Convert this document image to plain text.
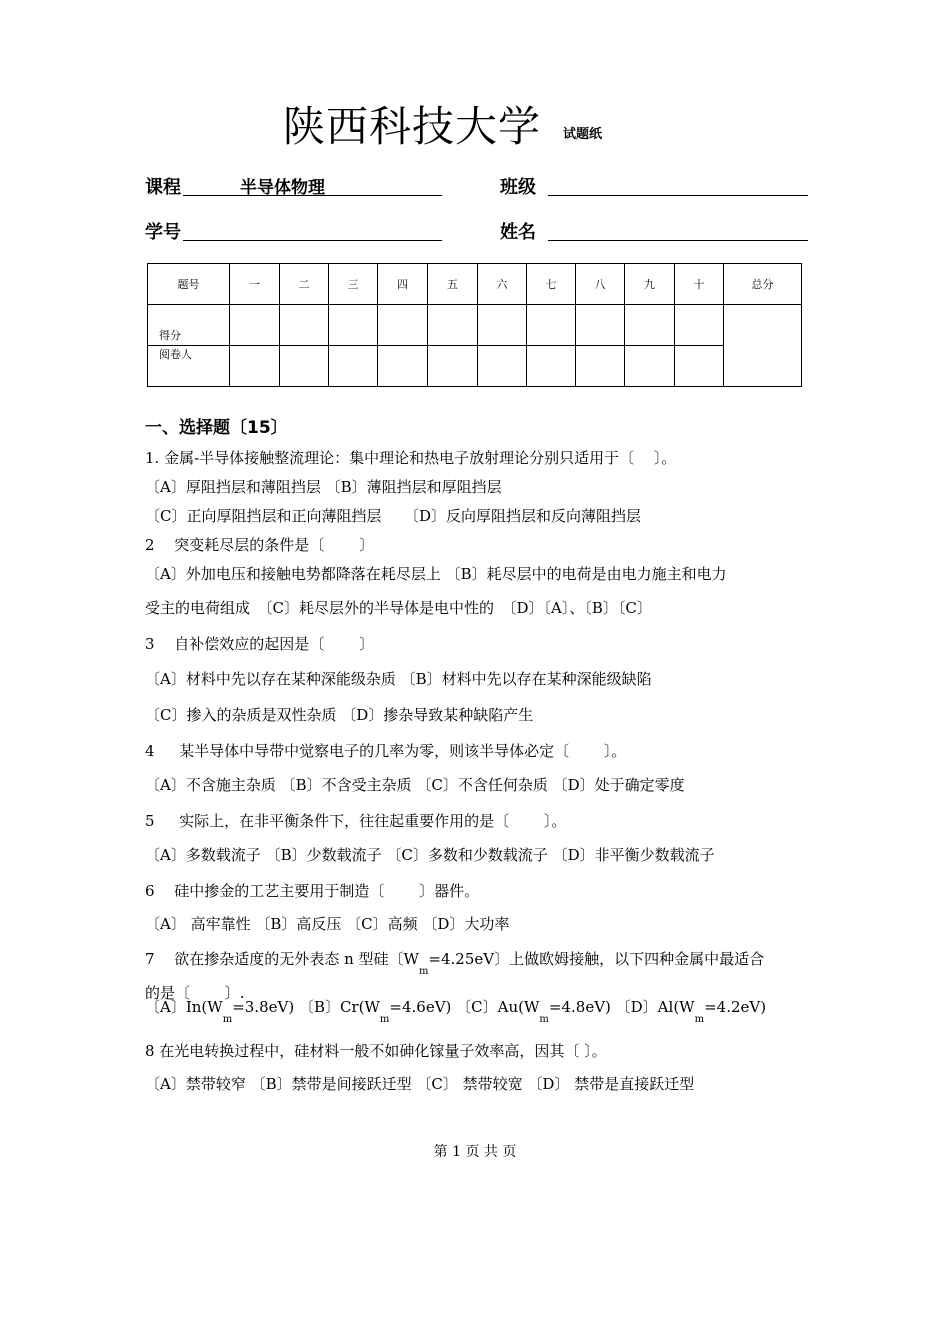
陕西科技大学 试题纸
课程	半导体物理	班级
学号	姓名
题号	一	二	三	四	五	六	七	八	九	十	总分
得分											
阅卷人											
一、选择题〔15〕
1. 金属-半导体接触整流理论：集中理论和热电子放射理论分别只适用于〔 　〕。
〔A〕厚阻挡层和薄阻挡层 〔B〕薄阻挡层和厚阻挡层
〔C〕正向厚阻挡层和正向薄阻挡层　　〔D〕反向厚阻挡层和反向薄阻挡层
2 　突变耗尽层的条件是〔 　　〕
〔A〕外加电压和接触电势都降落在耗尽层上 〔B〕耗尽层中的电荷是由电力施主和电力
受主的电荷组成　〔C〕耗尽层外的半导体是电中性的　〔D〕〔A〕、〔B〕〔C〕
3 　自补偿效应的起因是〔 　　〕
〔A〕材料中先以存在某种深能级杂质 〔B〕材料中先以存在某种深能级缺陷
〔C〕掺入的杂质是双性杂质 〔D〕掺杂导致某种缺陷产生
4 　 某半导体中导带中觉察电子的几率为零，则该半导体必定〔 　　〕。
〔A〕不含施主杂质 〔B〕不含受主杂质 〔C〕不含任何杂质 〔D〕处于确定零度
5 　 实际上，在非平衡条件下，往往起重要作用的是〔 　　〕。
〔A〕多数载流子 〔B〕少数载流子 〔C〕多数和少数载流子 〔D〕非平衡少数载流子
6 　硅中掺金的工艺主要用于制造〔 　　〕器件。
〔A〕 高牢靠性 〔B〕高反压 〔C〕高频 〔D〕大功率
7 　欲在掺杂适度的无外表态 n 型硅〔$W_m=4.25eV$〕上做欧姆接触，以下四种金属中最适合
的是〔 　　〕.
〔A〕$In(W_m=3.8eV)$ 〔B〕$Cr(W_m=4.6eV)$ 〔C〕$Au(W_m=4.8eV)$ 〔D〕$Al(W_m=4.2eV)$
8 在光电转换过程中，硅材料一般不如砷化镓量子效率高，因其〔 〕。
〔A〕禁带较窄 〔B〕禁带是间接跃迁型 〔C〕 禁带较宽 〔D〕 禁带是直接跃迁型
第 1 页 共 页
